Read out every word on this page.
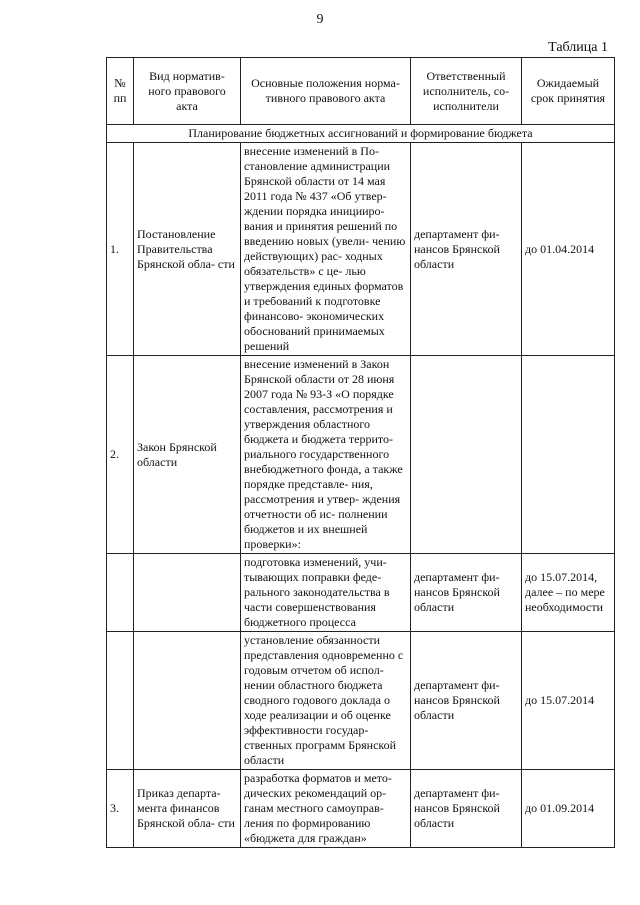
9
Таблица 1
№ пп	Вид норматив- ного правового акта	Основные положения норма- тивного правового акта	Ответственный исполнитель, со- исполнители	Ожидаемый срок принятия
Планирование бюджетных ассигнований и формирование бюджета				
1.	Постановление Правительства Брянской обла- сти	внесение изменений в По- становление администрации Брянской области от 14 мая 2011 года № 437 «Об утвер- ждении порядка иницииро- вания и принятия решений по введению новых (увели- чению действующих) рас- ходных обязательств» с це- лью утверждения единых форматов и требований к подготовке финансово- экономических обоснований принимаемых решений	департамент фи- нансов Брянской области	до 01.04.2014
2.	Закон Брянской области	внесение изменений в Закон Брянской области от 28 июня 2007 года № 93-З «О порядке составления, рассмотрения и утверждения областного бюджета и бюджета террито- риального государственного внебюджетного фонда, а также порядке представле- ния, рассмотрения и утвер- ждения отчетности об ис- полнении бюджетов и их внешней проверки»:		
		подготовка изменений, учи- тывающих поправки федe- рального законодательства в части совершенствования бюджетного процесса	департамент фи- нансов Брянской области	до 15.07.2014, далее – по мере необходимости
		установление обязанности представления одновременно с годовым отчетом об испол- нении областного бюджета сводного годового доклада о ходе реализации и об оценке эффективности государ- ственных программ Брянской области	департамент фи- нансов Брянской области	до 15.07.2014
3.	Приказ департа- мента финансов Брянской обла- сти	разработка форматов и мето- дических рекомендаций ор- ганам местного самоуправ- ления по формированию «бюджета для граждан»	департамент фи- нансов Брянской области	до 01.09.2014
